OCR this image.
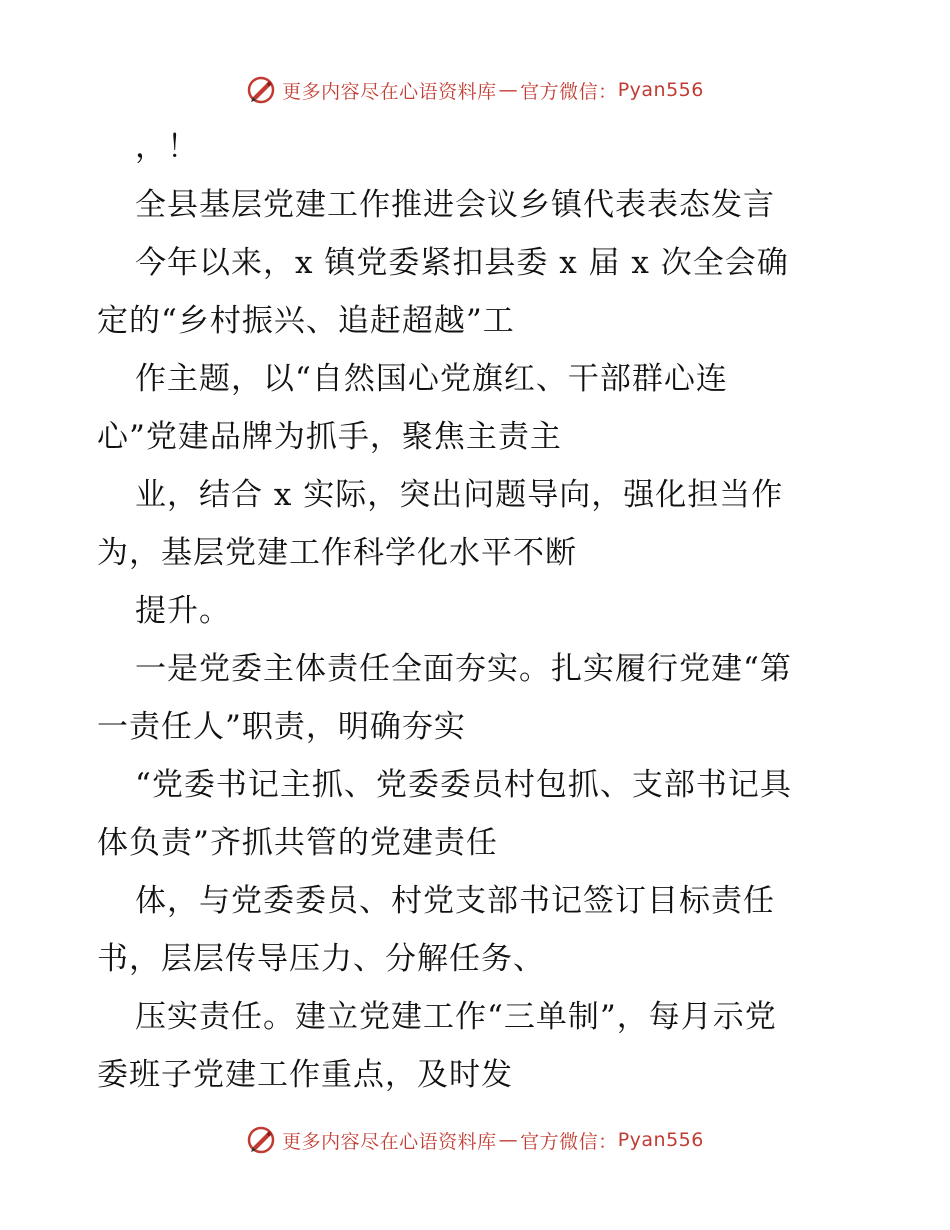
更多内容尽在心语资料库 — 官方微信： Pyan556
，！
全县基层党建工作推进会议乡镇代表表态发言
今年以来，x 镇党委紧扣县委 x 届 x 次全会确
定的“乡村振兴、追赶超越”工
作主题，以“自然国心党旗红、干部群心连
心”党建品牌为抓手，聚焦主责主
业，结合 x 实际，突出问题导向，强化担当作
为，基层党建工作科学化水平不断
提升。
一是党委主体责任全面夯实。扎实履行党建“第
一责任人”职责，明确夯实
“党委书记主抓、党委委员村包抓、支部书记具
体负责”齐抓共管的党建责任
体，与党委委员、村党支部书记签订目标责任
书，层层传导压力、分解任务、
压实责任。建立党建工作“三单制”，每月示党
委班子党建工作重点，及时发
更多内容尽在心语资料库 — 官方微信： Pyan556
